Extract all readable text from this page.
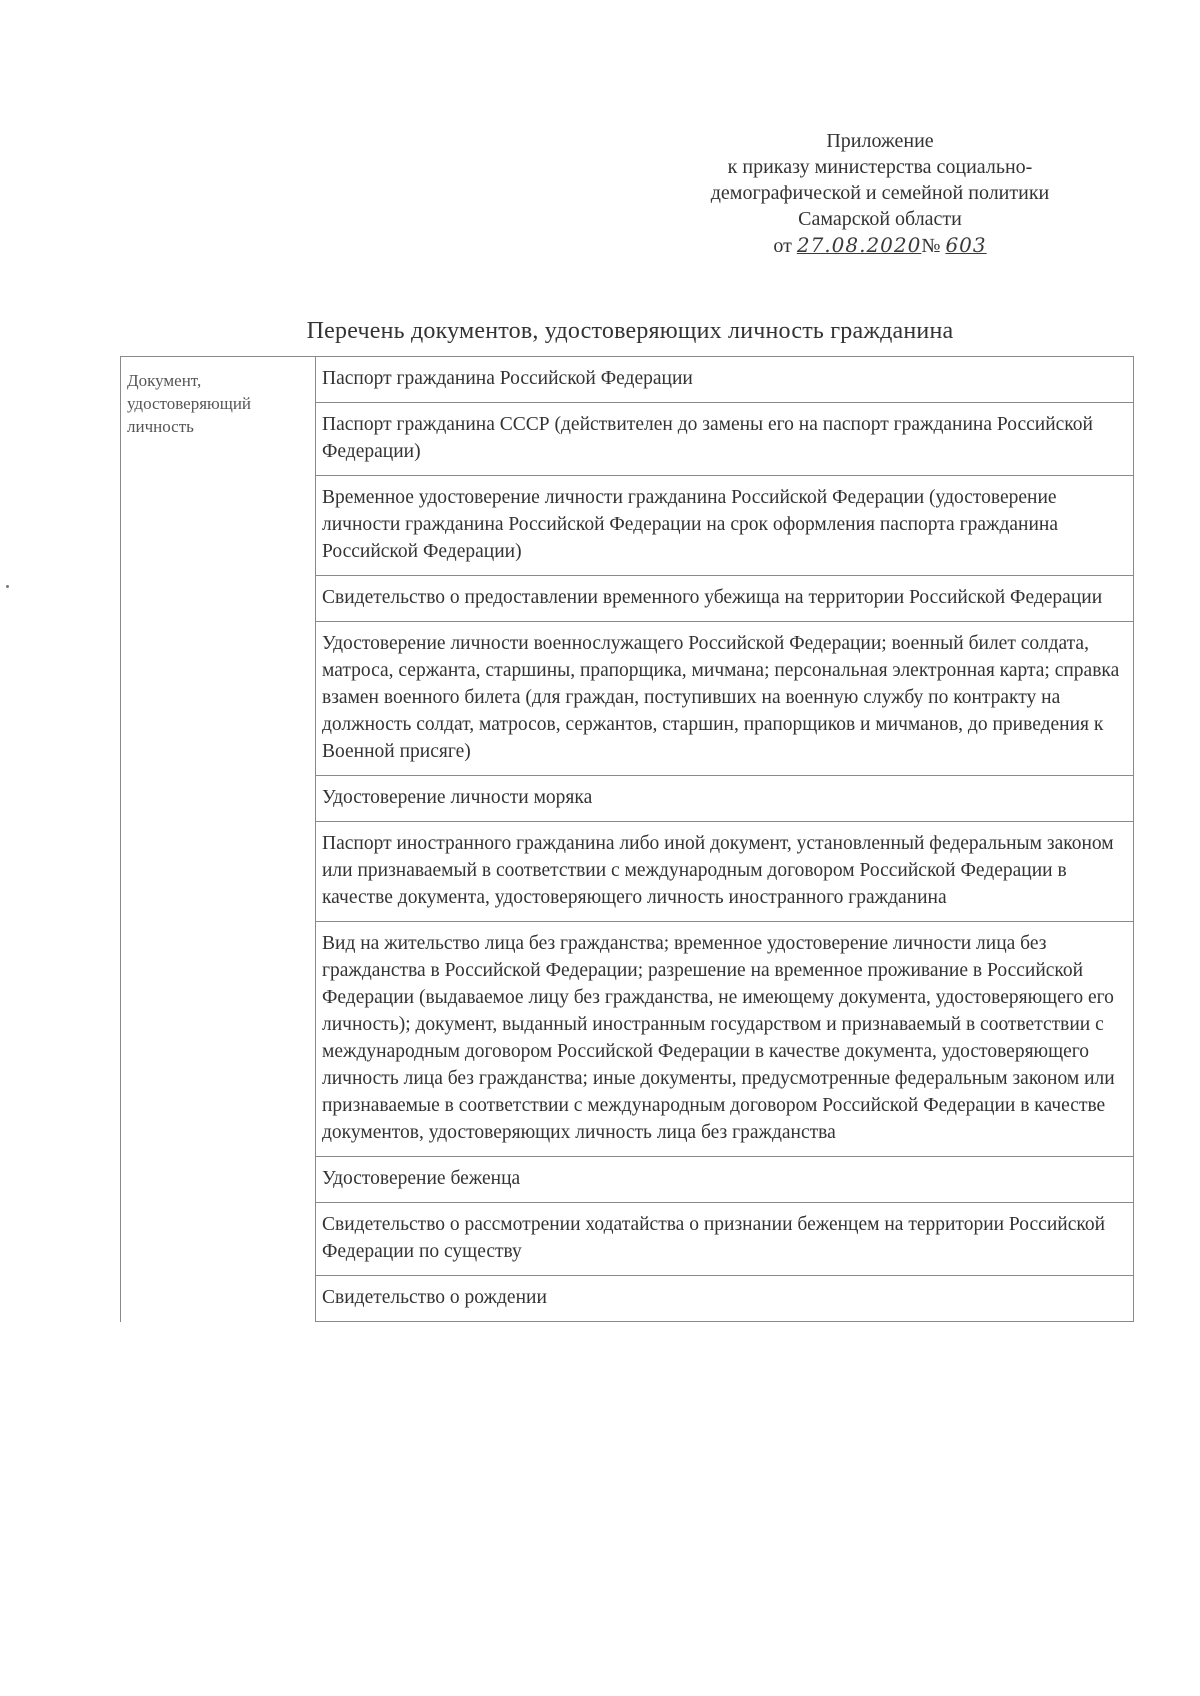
Приложение
к приказу министерства социально-
демографической и семейной политики
Самарской области
от 27.08.2020№ 603
Перечень документов, удостоверяющих личность гражданина
Документ, удостоверяющий личность	Паспорт гражданина Российской Федерации
Паспорт гражданина СССР (действителен до замены его на паспорт гражданина Российской Федерации)
Временное удостоверение личности гражданина Российской Федерации (удостоверение личности гражданина Российской Федерации на срок оформления паспорта гражданина Российской Федерации)
Свидетельство о предоставлении временного убежища на территории Российской Федерации
Удостоверение личности военнослужащего Российской Федерации; военный билет солдата, матроса, сержанта, старшины, прапорщика, мичмана; персональная электронная карта; справка взамен военного билета (для граждан, поступивших на военную службу по контракту на должность солдат, матросов, сержантов, старшин, прапорщиков и мичманов, до приведения к Военной присяге)
Удостоверение личности моряка
Паспорт иностранного гражданина либо иной документ, установленный федеральным законом или признаваемый в соответствии с международным договором Российской Федерации в качестве документа, удостоверяющего личность иностранного гражданина
Вид на жительство лица без гражданства; временное удостоверение личности лица без гражданства в Российской Федерации; разрешение на временное проживание в Российской Федерации (выдаваемое лицу без гражданства, не имеющему документа, удостоверяющего его личность); документ, выданный иностранным государством и признаваемый в соответствии с международным договором Российской Федерации в качестве документа, удостоверяющего личность лица без гражданства; иные документы, предусмотренные федеральным законом или признаваемые в соответствии с международным договором Российской Федерации в качестве документов, удостоверяющих личность лица без гражданства
Удостоверение беженца
Свидетельство о рассмотрении ходатайства о признании беженцем на территории Российской Федерации по существу
Свидетельство о рождении
